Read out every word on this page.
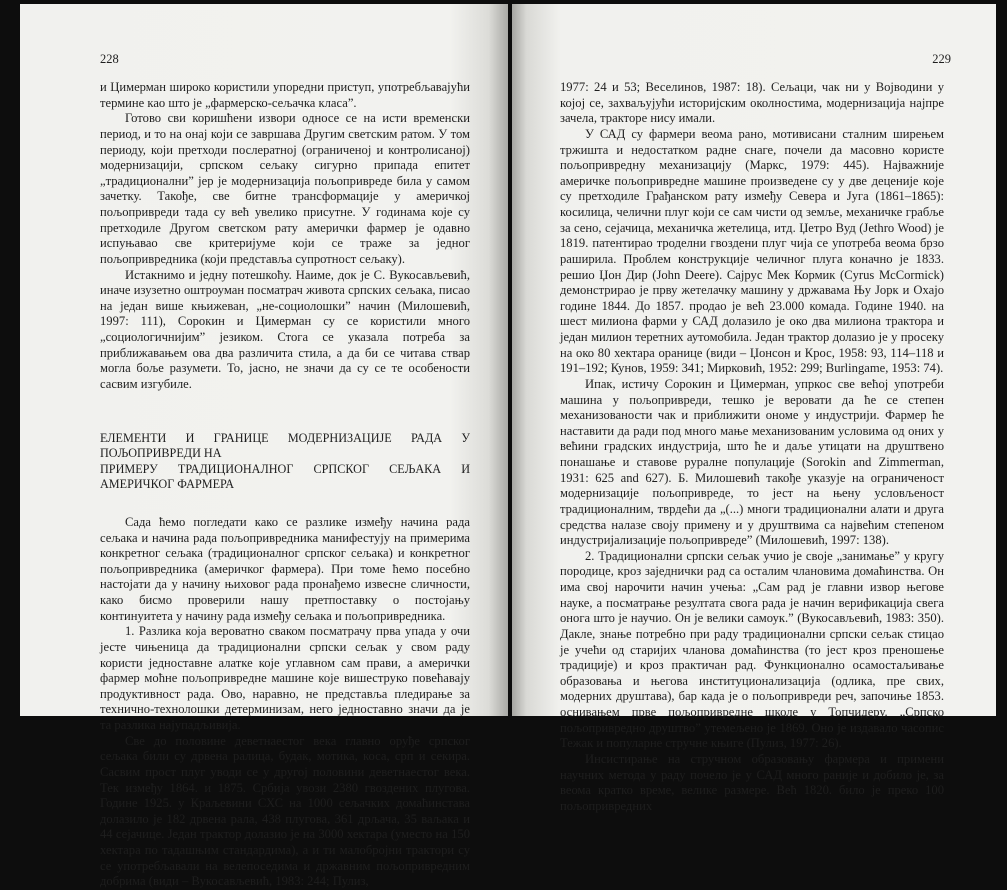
228

и Цимерман широко користили упоредни приступ, употребљавајући термине као што је „фармерско-сељачка класа”.

Готово сви коришћени извори односе се на исти временски период, и то на онај који се завршава Другим светским ратом. У том периоду, који претходи послератној (ограниченој и контролисаној) модернизацији, српском сељаку сигурно припада епитет „традиционални” јер је модернизација пољопривреде била у самом зачетку. Такође, све битне трансформације у америчкој пољопривреди тада су већ увелико присутне. У годинама које су претходиле Другом светском рату амерички фармер је одавно испуњавао све критеријуме који се траже за једног пољопривредника (који представља супротност сељаку).

Истакнимо и једну потешкоћу. Наиме, док је С. Вукосављевић, иначе изузетно оштроуман посматрач живота српских сељака, писао на један више књижеван, „не-социолошки” начин (Милошевић, 1997: 111), Сорокин и Цимерман су се користили много „социологичнијим” језиком. Стога се указала потреба за приближавањем ова два различита стила, а да би се читава ствар могла боље разумети. То, јасно, не значи да су се те особености сасвим изгубиле.

ЕЛЕМЕНТИ И ГРАНИЦЕ МОДЕРНИЗАЦИЈЕ РАДА У ПОЉОПРИВРЕДИ НА
ПРИМЕРУ ТРАДИЦИОНАЛНОГ СРПСКОГ СЕЉАКА И АМЕРИЧКОГ ФАРМЕРА

Сада ћемо погледати како се разлике између начина рада сељака и начина рада пољопривредника манифестују на примерима конкретног сељака (традиционалног српског сељака) и конкретног пољопривредника (америчког фармера). При томе ћемо посебно настојати да у начину њиховог рада пронађемо извесне сличности, како бисмо проверили нашу претпоставку о постојању континуитета у начину рада између сељака и пољопривредника.

1. Разлика која вероватно сваком посматрачу прва упада у очи јесте чињеница да традиционални српски сељак у свом раду користи једноставне алатке које углавном сам прави, а амерички фармер моћне пољопривредне машине које вишеструко повећавају продуктивност рада. Ово, наравно, не представља пледирање за технично-технолошки детерминизам, него једноставно значи да је та разлика најупадљивија.

Све до половине деветнаестог века главно оруђе српског сељака били су дрвена ралица, будак, мотика, коса, срп и секира. Сасвим прост плуг уводи се у другој половини деветнаестог века. Тек између 1864. и 1875. Србија увози 2380 гвоздених плугова. Године 1925. у Краљевини СХС на 1000 сељачких домаћинстава долазило је 182 дрвена рала, 438 плугова, 361 дрљача, 35 ваљака и 44 сејачице. Један трактор долазио је на 3000 хектара (уместо на 150 хектара по тадашњим стандардима), а и ти малобројни трактори су се употребљавали на велепоседима и државним пољопривредним добрима (види – Вукосављевић, 1983: 244; Пулиз,

229

1977: 24 и 53; Веселинов, 1987: 18). Сељаци, чак ни у Војводини у којој се, захваљујући историјским околностима, модернизација најпре зачела, тракторе нису имали.

У САД су фармери веома рано, мотивисани сталним ширењем тржишта и недостатком радне снаге, почели да масовно користе пољопривредну механизацију (Маркс, 1979: 445). Најважније америчке пољопривредне машине произведене су у две деценије које су претходиле Грађанском рату између Севера и Југа (1861–1865): косилица, челични плуг који се сам чисти од земље, механичке грабље за сено, сејачица, механичка жетелица, итд. Џетро Вуд (Jethro Wood) је 1819. патентирао троделни гвоздени плуг чија се употреба веома брзо раширила. Проблем конструкције челичног плуга коначно је 1833. решио Џон Дир (John Deere). Сајрус Мек Кормик (Cyrus McCormick) демонстрирао је прву жетелачку машину у државама Њу Јорк и Охајо године 1844. До 1857. продао је већ 23.000 комада. Године 1940. на шест милиона фарми у САД долазило је око два милиона трактора и један милион теретних аутомобила. Један трактор долазио је у просеку на око 80 хектара оранице (види – Џонсон и Крос, 1958: 93, 114–118 и 191–192; Кунов, 1959: 341; Мирковић, 1952: 299; Burlingame, 1953: 74).

Ипак, истичу Сорокин и Цимерман, упркос све већој употреби машина у пољопривреди, тешко је веровати да ће се степен механизованости чак и приближити ономе у индустрији. Фармер ће наставити да ради под много мање механизованим условима од оних у већини градских индустрија, што ће и даље утицати на друштвено понашање и ставове руралне популације (Sorokin and Zimmerman, 1931: 625 and 627). Б. Милошевић такође указује на ограниченост модернизације пољопривреде, то јест на њену условљеност традиционалним, тврдећи да „(...) многи традиционални алати и друга средства налазе своју примену и у друштвима са највећим степеном индустријализације пољопривреде” (Милошевић, 1997: 138).

2. Традиционални српски сељак учио је своје „занимање” у кругу породице, кроз заједнички рад са осталим члановима домаћинства. Он има свој нарочити начин учења: „Сам рад је главни извор његове науке, а посматрање резултата свога рада је начин верификација свега онога што је научио. Он је велики самоук.” (Вукосављевић, 1983: 350). Дакле, знање потребно при раду традиционални српски сељак стицао је учећи од старијих чланова домаћинства (то јест кроз преношење традиције) и кроз практичан рад. Функционално осамостаљивање образовања и његова институционализација (одлика, пре свих, модерних друштава), бар када је о пољопривреди реч, започиње 1853. оснивањем прве пољопривредне школе у Топчидеру. „Српско пољопривредно друштво” утемељено је 1869. Оно је издавало часопис Тежак и популарне стручне књиге (Пулиз, 1977: 26).

Инсистирање на стручном образовању фармера и примени научних метода у раду почело је у САД много раније и добило је, за веома кратко време, велике размере. Већ 1820. било је преко 100 пољопривредних
